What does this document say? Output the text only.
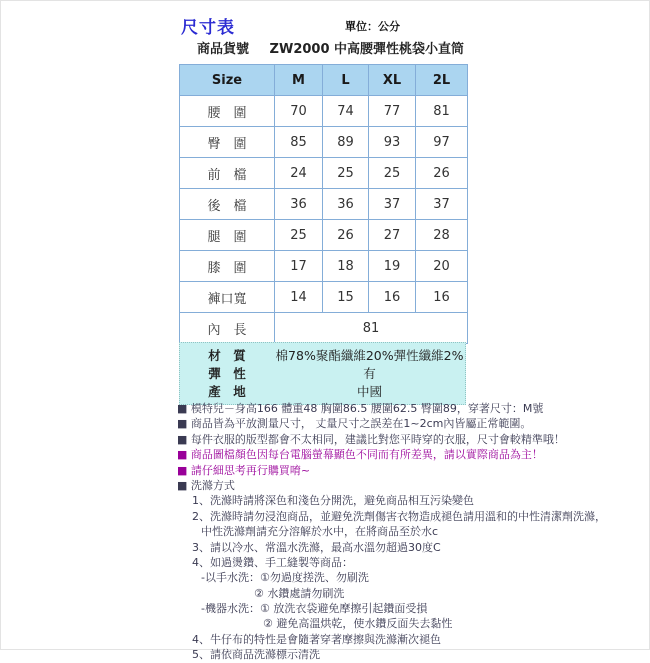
尺寸表	單位：公分
商品貨號 ZW2000 中高腰彈性桃袋小直筒
Size	M	L	XL	2L
腰　圍	70	74	77	81
臀　圍	85	89	93	97
前　檔	24	25	25	26
後　檔	36	36	37	37
腿　圍	25	26	27	28
膝　圍	17	18	19	20
褲口寬	14	15	16	16
內　長	81			
材　質	棉78%聚酯纖維20%彈性纖維2%
彈　性	有
產　地	中國
■ 模特兒－身高166 體重48 胸圍86.5 腰圍62.5 臀圍89，穿著尺寸：M號
■ 商品皆為平放測量尺寸， 丈量尺寸之誤差在1~2cm內皆屬正常範圍。
■ 每件衣服的版型都會不太相同，建議比對您平時穿的衣服，尺寸會較精準哦！
■ 商品圖檔顏色因每台電腦螢幕顯色不同而有所差異，請以實際商品為主！
■ 請仔細思考再行購買唷~
■ 洗滌方式
1、洗滌時請將深色和淺色分開洗，避免商品相互污染變色
2、洗滌時請勿浸泡商品，並避免洗劑傷害衣物造成褪色請用溫和的中性清潔劑洗滌，
中性洗滌劑請充分溶解於水中，在將商品至於水c
3、請以冷水、常溫水洗滌，最高水溫勿超過30度C
4、如過燙鑽、手工縫製等商品：
-以手水洗：①勿過度搓洗、勿刷洗
② 水鑽處請勿刷洗
-機器水洗：① 放洗衣袋避免摩擦引起鑽面受損
② 避免高溫烘乾，使水鑽反面失去黏性
4、牛仔布的特性是會隨著穿著摩擦與洗滌漸次褪色
5、請依商品洗滌標示清洗
